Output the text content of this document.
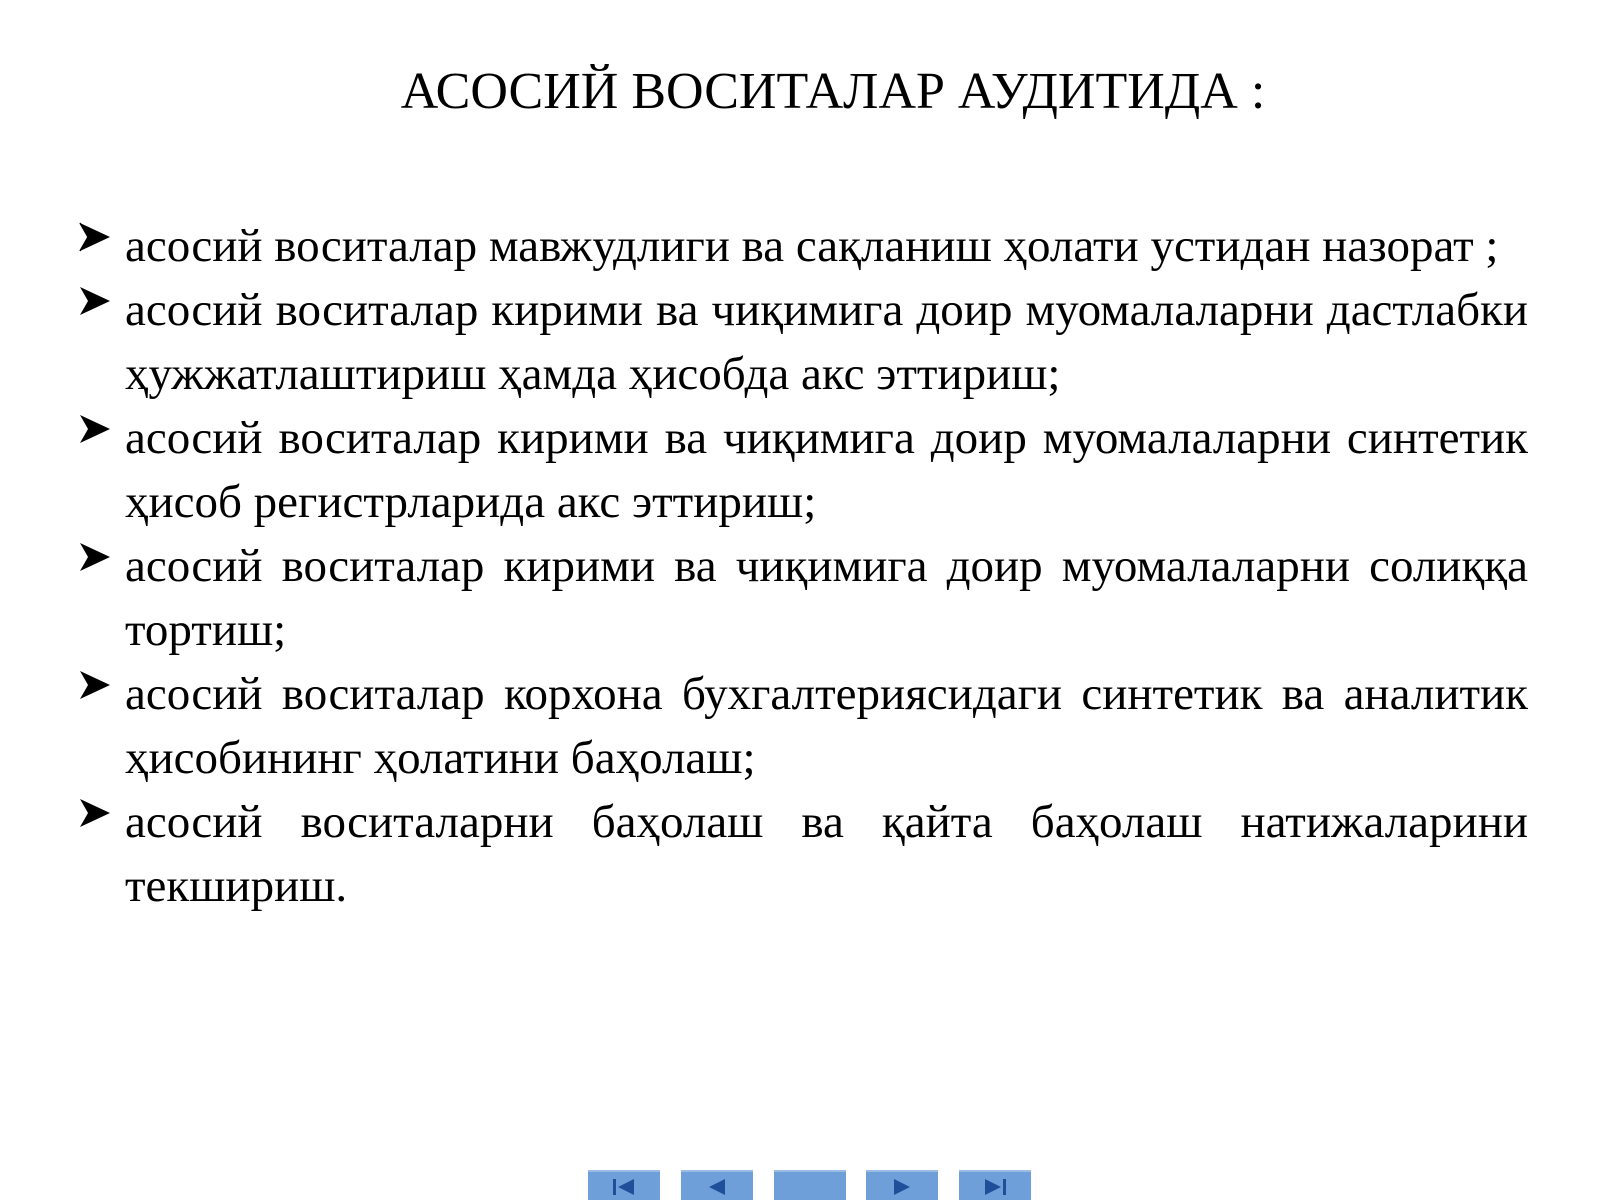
АСОСИЙ ВОСИТАЛАР АУДИТИДА :
асосий воситалар мавжудлиги ва сақланиш ҳолати устидан назорат ;
асосий воситалар кирими ва чиқимига доир муомалаларни дастлабки ҳужжатлаштириш ҳамда ҳисобда акс эттириш;
асосий воситалар кирими ва чиқимига доир муомалаларни синтетик ҳисоб регистрларида акс эттириш;
асосий воситалар кирими ва чиқимига доир муомалаларни солиққа тортиш;
асосий воситалар корхона бухгалтериясидаги синтетик ва аналитик ҳисобининг ҳолатини баҳолаш;
асосий воситаларни баҳолаш ва қайта баҳолаш натижаларини текшириш.
